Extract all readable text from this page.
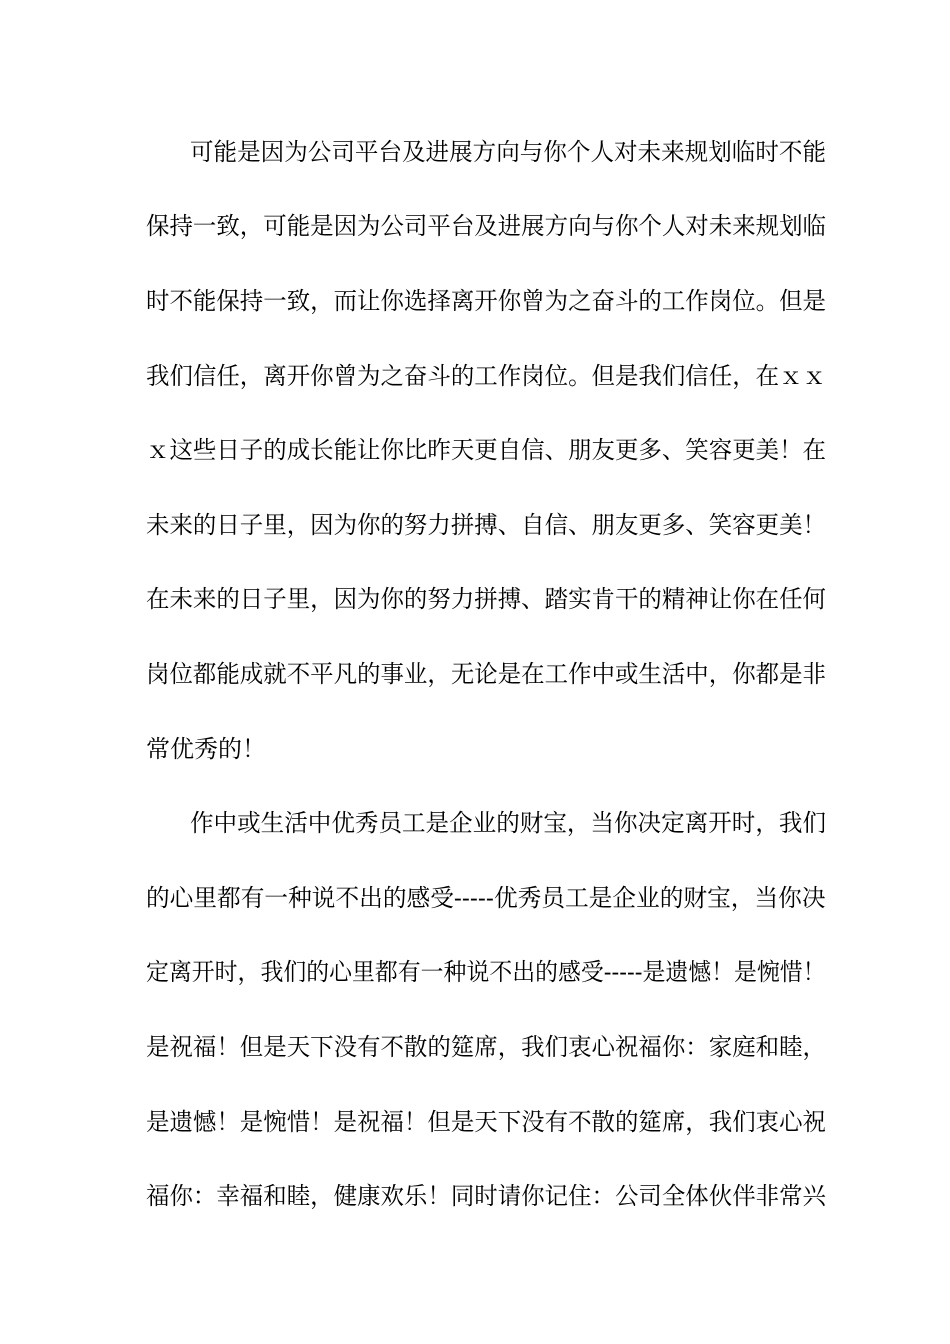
可能是因为公司平台及进展方向与你个人对未来规划临时不能
保持一致，可能是因为公司平台及进展方向与你个人对未来规划临
时不能保持一致，而让你选择离开你曾为之奋斗的工作岗位。但是
我们信任，离开你曾为之奋斗的工作岗位。但是我们信任，在ｘｘ
ｘ这些日子的成长能让你比昨天更自信、朋友更多、笑容更美！在
未来的日子里，因为你的努力拼搏、自信、朋友更多、笑容更美！
在未来的日子里，因为你的努力拼搏、踏实肯干的精神让你在任何
岗位都能成就不平凡的事业，无论是在工作中或生活中，你都是非
常优秀的！
作中或生活中优秀员工是企业的财宝，当你决定离开时，我们
的心里都有一种说不出的感受-----优秀员工是企业的财宝，当你决
定离开时，我们的心里都有一种说不出的感受-----是遗憾！是惋惜！
是祝福！但是天下没有不散的筵席，我们衷心祝福你：家庭和睦，
是遗憾！是惋惜！是祝福！但是天下没有不散的筵席，我们衷心祝
福你：幸福和睦，健康欢乐！同时请你记住：公司全体伙伴非常兴
